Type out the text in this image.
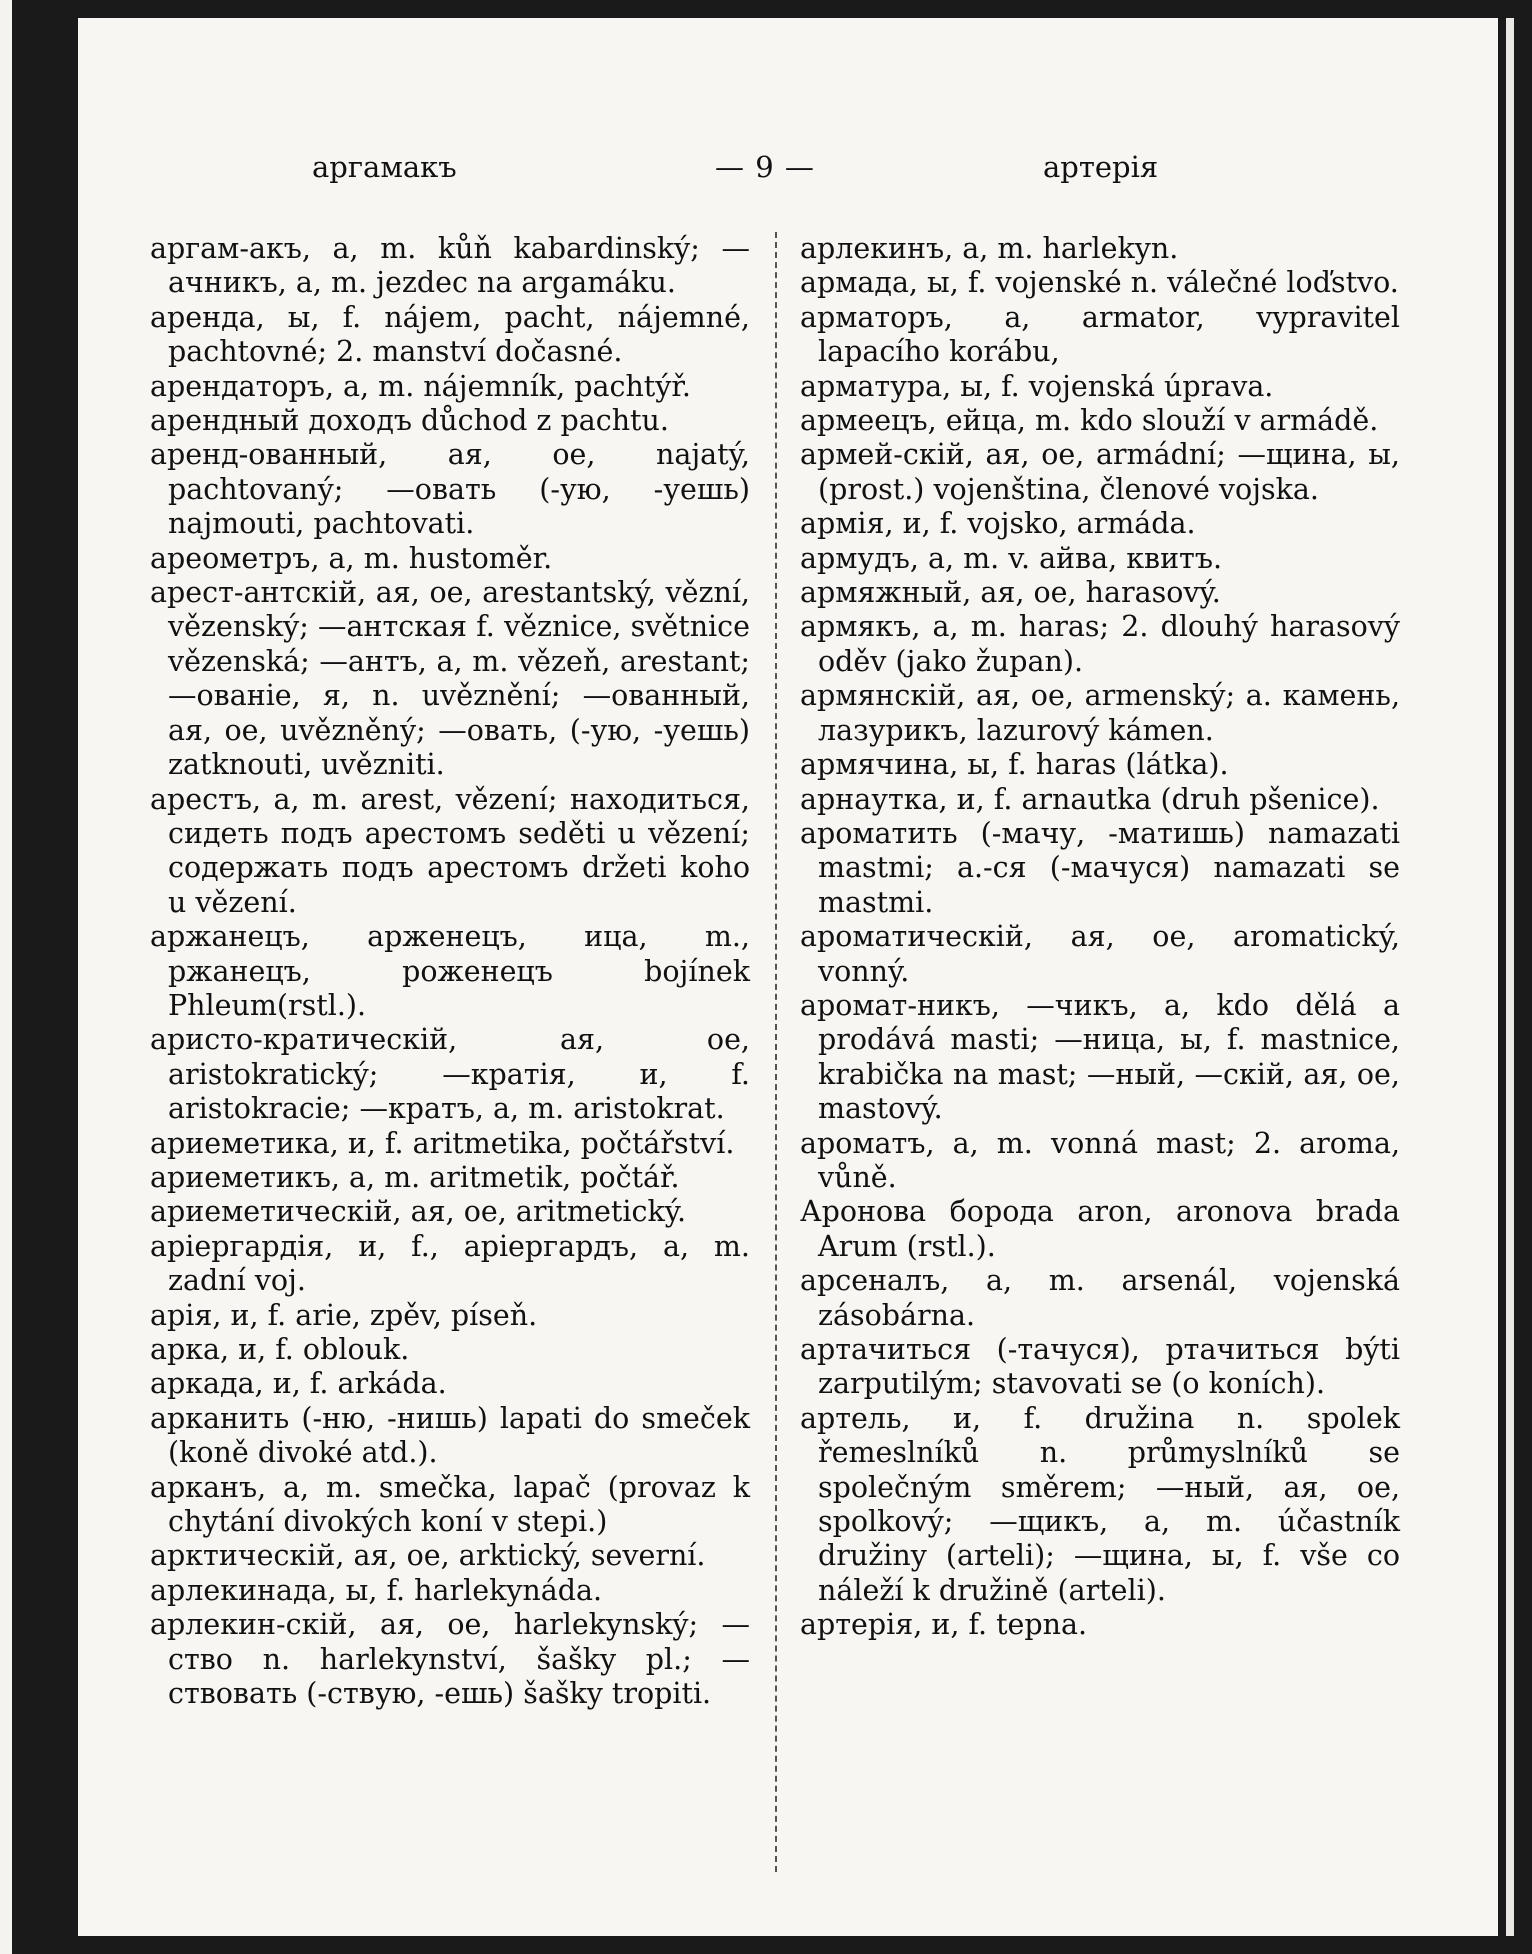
аргамакъ	— 9 —	артерія

аргам-акъ, а, m. kůň kabardinský; —ачникъ, а, m. jezdec na argamáku.

аренда, ы, f. nájem, pacht, nájemné, pachtovné; 2. manství dočasné.

арендаторъ, а, m. nájemník, pachtýř.

арендный доходъ důchod z pachtu.

аренд-ованный, ая, ое, najatý, pachtovaný; —овать (-ую, -уешь) najmouti, pachtovati.

ареометръ, а, m. hustoměr.

арест-антскій, ая, ое, arestantský, vězní, vězenský; —антская f. věznice, světnice vězenská; —антъ, а, m. vězeň, arestant; —ованіе, я, n. uvěznění; —ованный, ая, ое, uvězněný; —овать, (-ую, -уешь) zatknouti, uvězniti.

арестъ, а, m. arest, vězení; находиться, сидеть подъ арестомъ seděti u vězení; содержать подъ арестомъ držeti koho u vězení.

аржанецъ, арженецъ, ица, m., ржанецъ, роженецъ bojínek Phleum(rstl.).

аристо-кратическій, ая, ое, aristokratický; —кратія, и, f. aristokracie; —кратъ, а, m. aristokrat.

ариеметика, и, f. aritmetika, počtářství.

ариеметикъ, а, m. aritmetik, počtář.

ариеметическій, ая, ое, aritmetický.

аріергардія, и, f., аріергардъ, а, m. zadní voj.

арія, и, f. arie, zpěv, píseň.

арка, и, f. oblouk.

аркада, и, f. arkáda.

арканить (-ню, -нишь) lapati do smeček (koně divoké atd.).

арканъ, а, m. smečka, lapač (provaz k chytání divokých koní v stepi.)

арктическій, ая, ое, arktický, severní.

арлекинада, ы, f. harlekynáda.

арлекин-скій, ая, ое, harlekynský; —ство n. harlekynství, šašky pl.; —ствовать (-ствую, -ешь) šašky tropiti.

арлекинъ, а, m. harlekyn.

армада, ы, f. vojenské n. válečné loďstvo.

арматоръ, а, armator, vypravitel lapacího korábu,

арматура, ы, f. vojenská úprava.

армеецъ, ейца, m. kdo slouží v armádě.

армей-скій, ая, ое, armádní; —щина, ы, (prost.) vojenština, členové vojska.

армія, и, f. vojsko, armáda.

армудъ, а, m. v. айва, квитъ.

армяжный, ая, ое, harasový.

армякъ, а, m. haras; 2. dlouhý harasový oděv (jako župan).

армянскій, ая, ое, armenský; а. камень, лазурикъ, lazurový kámen.

армячина, ы, f. haras (látka).

арнаутка, и, f. arnautka (druh pšenice).

ароматить (-мачу, -матишь) namazati mastmi; а.-ся (-мачуся) namazati se mastmi.

ароматическій, ая, ое, aromatický, vonný.

аромат-никъ, —чикъ, а, kdo dělá a prodává masti; —ница, ы, f. mastnice, krabička na mast; —ный, —скій, ая, ое, mastový.

ароматъ, а, m. vonná mast; 2. aroma, vůně.

Аронова борода aron, aronova brada Arum (rstl.).

арсеналъ, а, m. arsenál, vojenská zásobárna.

артачиться (-тачуся), ртачиться býti zarputilým; stavovati se (o koních).

артель, и, f. družina n. spolek řemeslníků n. průmyslníků se společným směrem; —ный, ая, ое, spolkový; —щикъ, а, m. účastník družiny (arteli); —щина, ы, f. vše co náleží k družině (arteli).

артерія, и, f. tepna.
